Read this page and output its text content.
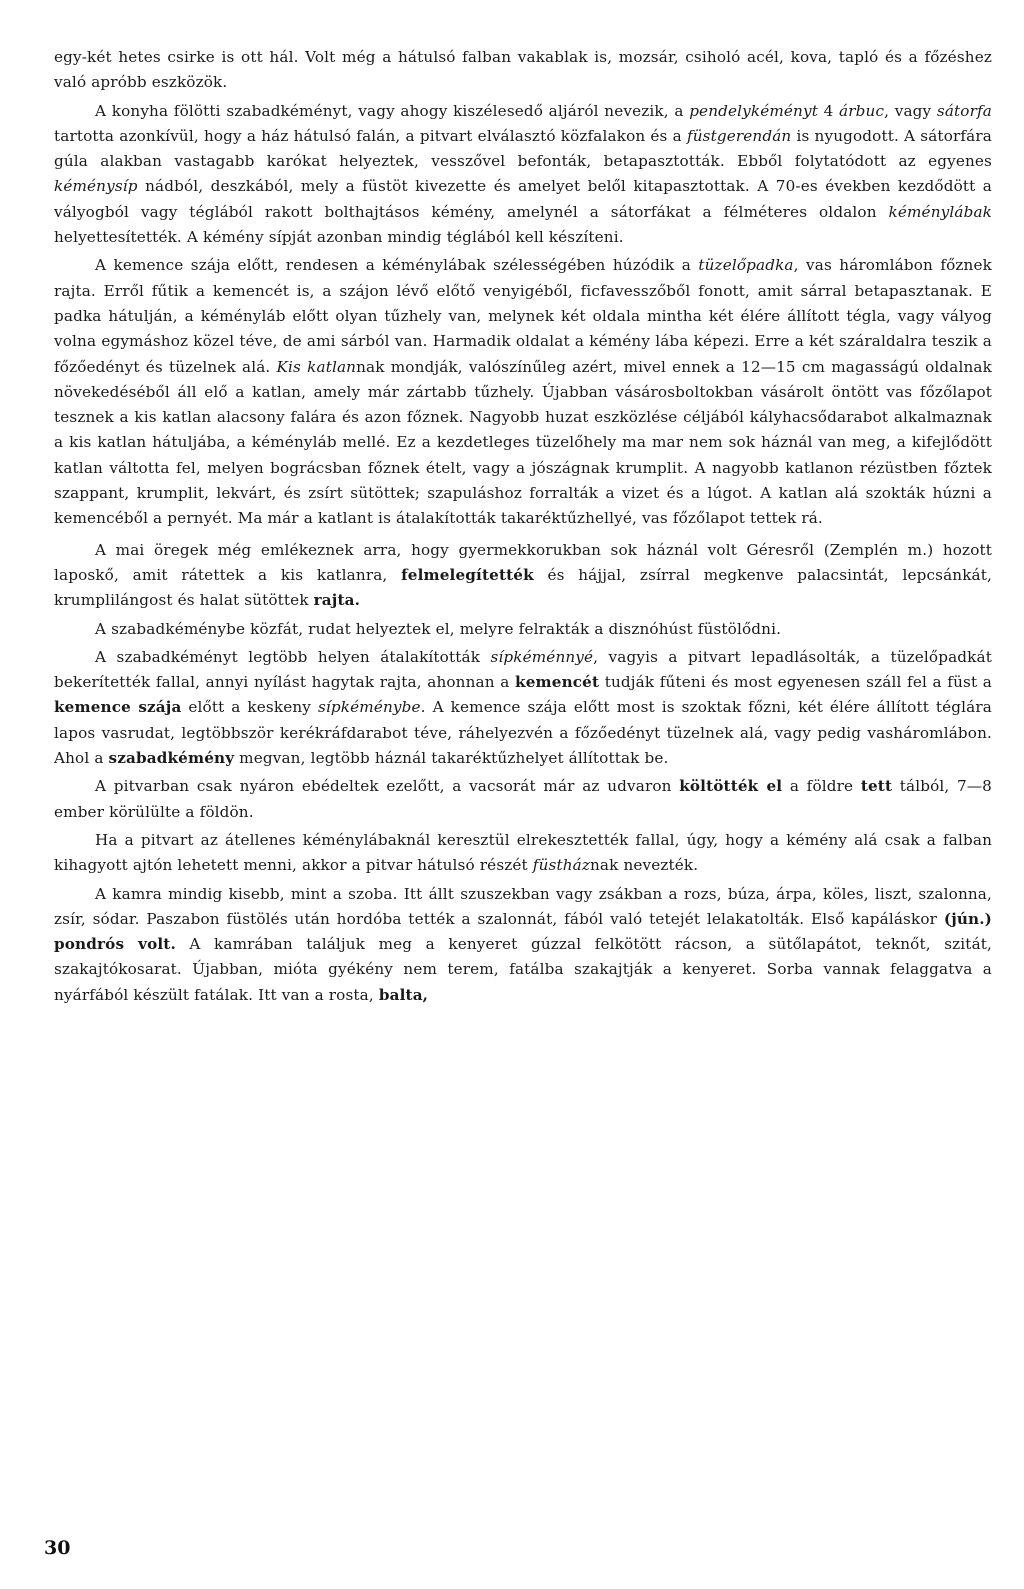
egy-két hetes csirke is ott hál. Volt még a hátulsó falban vakablak is, mozsár, csiholó acél, kova, tapló és a főzéshez való apróbb eszközök.

A konyha fölötti szabadkéményt, vagy ahogy kiszélesedő aljáról nevezik, a pendelykéményt 4 árbuc, vagy sátorfa tartotta azonkívül, hogy a ház hátulsó falán, a pitvart elválasztó közfalakon és a füstgerendán is nyugodott. A sátorfára gúla alakban vastagabb karókat helyeztek, vesszővel befonták, betapasztották. Ebből folytatódott az egyenes kéménysíp nádból, deszkából, mely a füstöt kivezette és amelyet belől kitapasztottak. A 70-es években kezdődött a vályogból vagy téglából rakott bolthajtásos kémény, amelynél a sátorfákat a félméteres oldalon kéménylábak helyettesítették. A kémény sípját azonban mindig téglából kell készíteni.

A kemence szája előtt, rendesen a kéménylábak szélességében húzódik a tüzelőpadka, vas háromlábon főznek rajta. Erről fűtik a kemencét is, a szájon lévő előtő venyigéből, ficfavesszőből fonott, amit sárral betapasztanak. E padka hátulján, a kéményláb előtt olyan tűzhely van, melynek két oldala mintha két élére állított tégla, vagy vályog volna egymáshoz közel téve, de ami sárból van. Harmadik oldalat a kémény lába képezi. Erre a két száraldalra teszik a főzőedényt és tüzelnek alá. Kis katlannak mondják, valószínűleg azért, mivel ennek a 12—15 cm magasságú oldalnak növekedéséből áll elő a katlan, amely már zártabb tűzhely. Újabban vásárosboltokban vásárolt öntött vas főzőlapot tesznek a kis katlan alacsony falára és azon főznek. Nagyobb huzat eszközlése céljából kályhacsődarabot alkalmaznak a kis katlan hátuljába, a kéményláb mellé. Ez a kezdetleges tüzelőhely ma mar nem sok háznál van meg, a kifejlődött katlan váltotta fel, melyen bográcsban főznek ételt, vagy a jószágnak krumplit. A nagyobb katlanon rézüstben főztek szappant, krumplit, lekvárt, és zsírt sütöttek; szapuláshoz forralták a vizet és a lúgot. A katlan alá szokták húzni a kemencéből a pernyét. Ma már a katlant is átalakították takaréktűzhellyé, vas főzőlapot tettek rá.

A mai öregek még emlékeznek arra, hogy gyermekkorukban sok háznál volt Géresről (Zemplén m.) hozott laposkő, amit rátettek a kis katlanra, felmelegítették és hájjal, zsírral megkenve palacsintát, lepcsánkát, krumplilángost és halat sütöttek rajta.

A szabadkéménybe közfát, rudat helyeztek el, melyre felrakták a disznóhúst füstölődni.

A szabadkéményt legtöbb helyen átalakították sípkéménnyé, vagyis a pitvart lepadlásolták, a tüzelőpadkát bekerítették fallal, annyi nyílást hagytak rajta, ahonnan a kemencét tudják fűteni és most egyenesen száll fel a füst a kemence szája előtt a keskeny sípkéménybe. A kemence szája előtt most is szoktak főzni, két élére állított téglára lapos vasrudat, legtöbbször kerékráfdarabot téve, ráhelyezvén a főzőedényt tüzelnek alá, vagy pedig vasháromlábon. Ahol a szabadkémény megvan, legtöbb háznál takaréktűzhelyet állítottak be.

A pitvarban csak nyáron ebédeltek ezelőtt, a vacsorát már az udvaron költötték el a földre tett tálból, 7—8 ember körülülte a földön.

Ha a pitvart az átellenes kéménylábaknál keresztül elrekesztették fallal, úgy, hogy a kémény alá csak a falban kihagyott ajtón lehetett menni, akkor a pitvar hátulsó részét füstháznak nevezték.

A kamra mindig kisebb, mint a szoba. Itt állt szuszekban vagy zsákban a rozs, búza, árpa, köles, liszt, szalonna, zsír, sódar. Paszabon füstölés után hordóba tették a szalonnát, fából való tetejét lelakatolták. Első kapáláskor (jún.) pondrós volt. A kamrában találjuk meg a kenyeret gúzzal felkötött rácson, a sütőlapátot, teknőt, szitát, szakajtókosarat. Újabban, mióta gyékény nem terem, fatálba szakajtják a kenyeret. Sorba vannak felaggatva a nyárfából készült fatálak. Itt van a rosta, balta,

30
